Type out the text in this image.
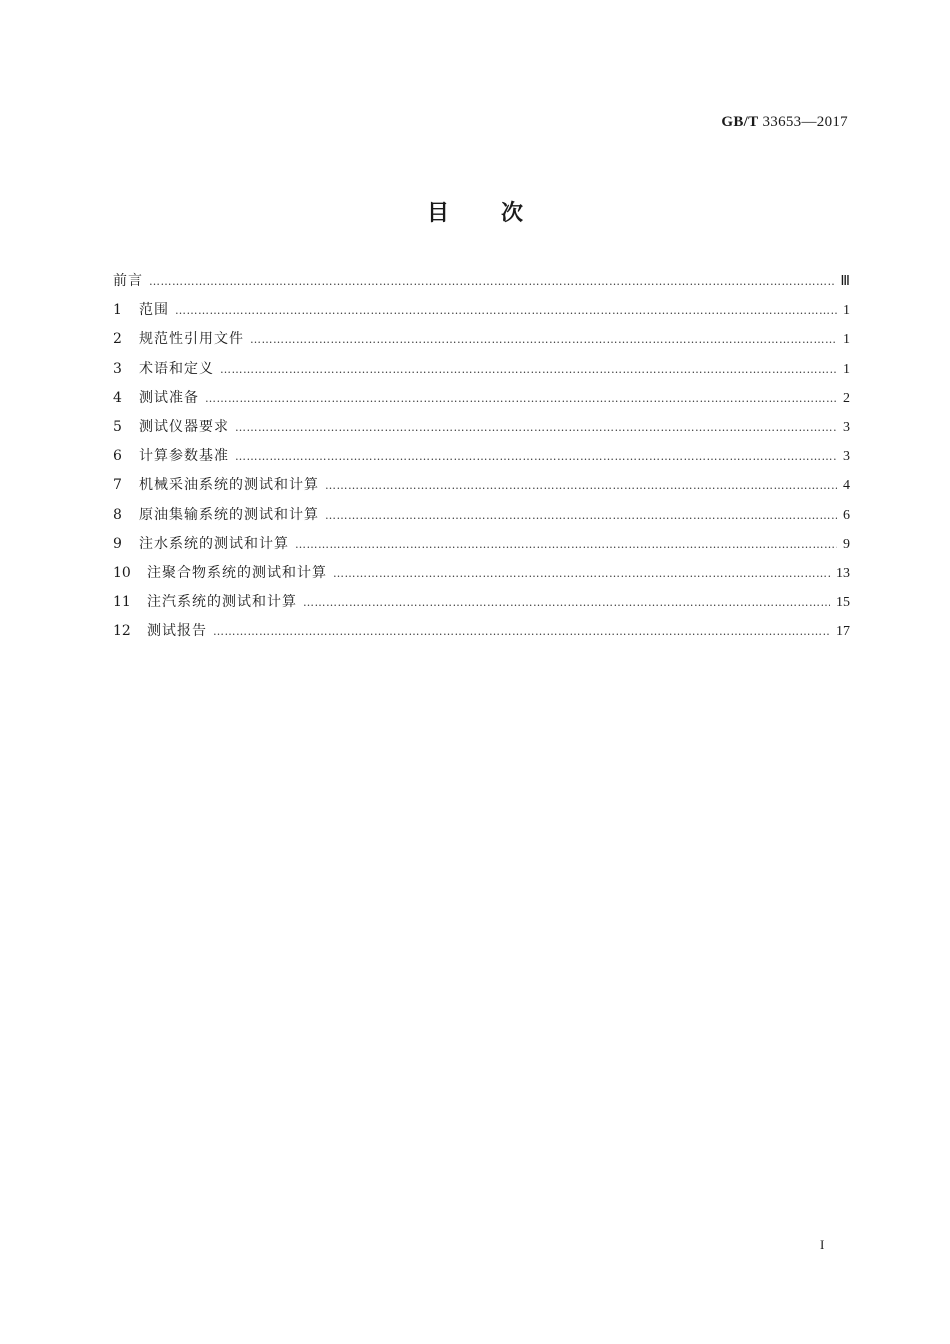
GB/T 33653—2017
目次
前言 ……………………………………………………………………………………………………………………………………………………………………………………………………	Ⅲ
1	范围 ……………………………………………………………………………………………………………………………………………………………………………………………………	1
2	规范性引用文件 ……………………………………………………………………………………………………………………………………………………………………………………………………	1
3	术语和定义 ……………………………………………………………………………………………………………………………………………………………………………………………………	1
4	测试准备 ……………………………………………………………………………………………………………………………………………………………………………………………………	2
5	测试仪器要求 ……………………………………………………………………………………………………………………………………………………………………………………………………	3
6	计算参数基准 ……………………………………………………………………………………………………………………………………………………………………………………………………	3
7	机械采油系统的测试和计算 ……………………………………………………………………………………………………………………………………………………………………………………………………	4
8	原油集输系统的测试和计算 ……………………………………………………………………………………………………………………………………………………………………………………………………	6
9	注水系统的测试和计算 ……………………………………………………………………………………………………………………………………………………………………………………………………	9
10	注聚合物系统的测试和计算 ……………………………………………………………………………………………………………………………………………………………………………………………………	13
11	注汽系统的测试和计算 ……………………………………………………………………………………………………………………………………………………………………………………………………	15
12	测试报告 ……………………………………………………………………………………………………………………………………………………………………………………………………	17
I
